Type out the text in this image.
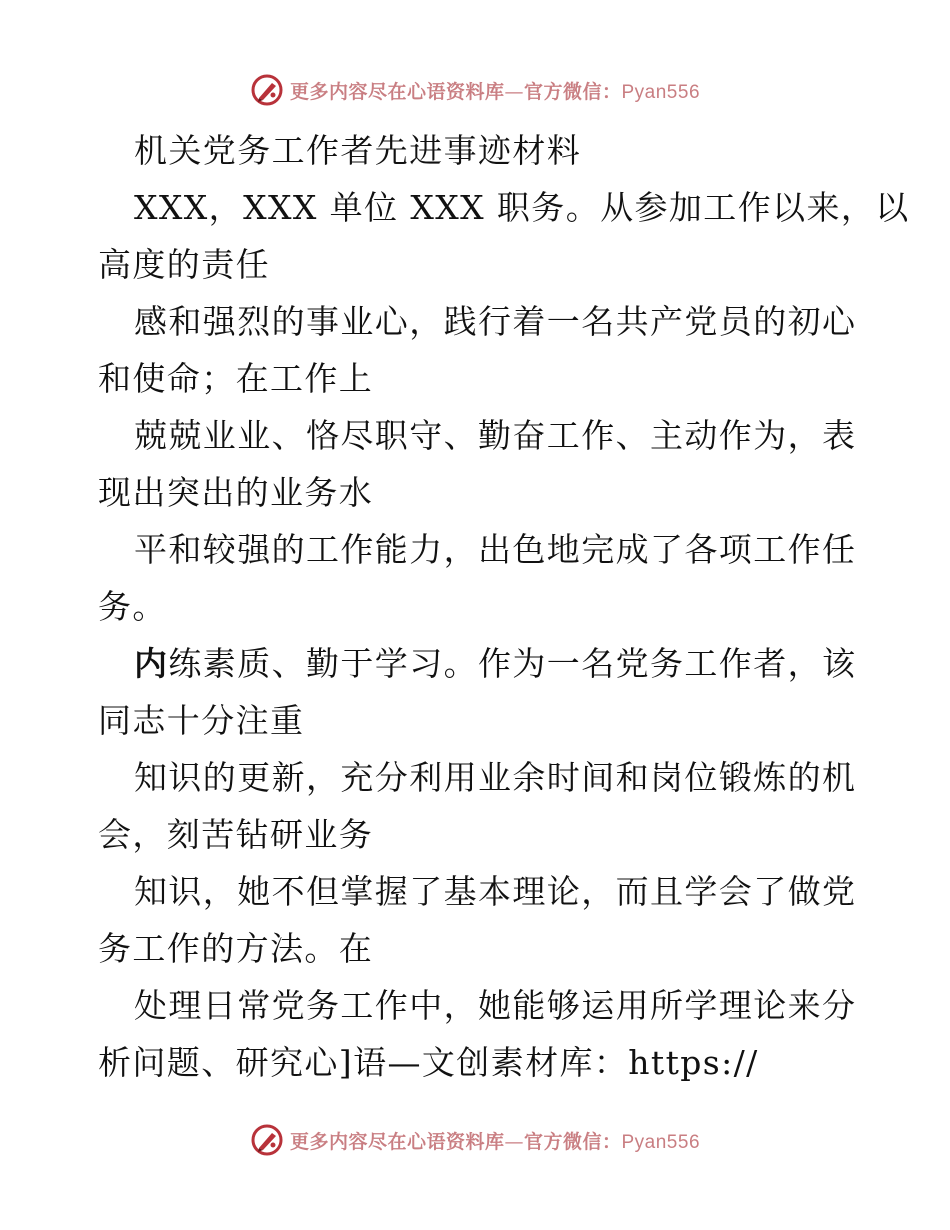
更多内容尽在心语资料库—官方微信：Pyan556
机关党务工作者先进事迹材料
XXX，XXX 单位 XXX 职务。从参加工作以来，以
高度的责任
感和强烈的事业心，践行着一名共产党员的初心
和使命；在工作上
兢兢业业、恪尽职守、勤奋工作、主动作为，表
现出突出的业务水
平和较强的工作能力，出色地完成了各项工作任
务。
内练素质、勤于学习。作为一名党务工作者，该
同志十分注重
知识的更新，充分利用业余时间和岗位锻炼的机
会，刻苦钻研业务
知识，她不但掌握了基本理论，而且学会了做党
务工作的方法。在
处理日常党务工作中，她能够运用所学理论来分
析问题、研究心]语—文创素材库：https://
更多内容尽在心语资料库—官方微信：Pyan556
